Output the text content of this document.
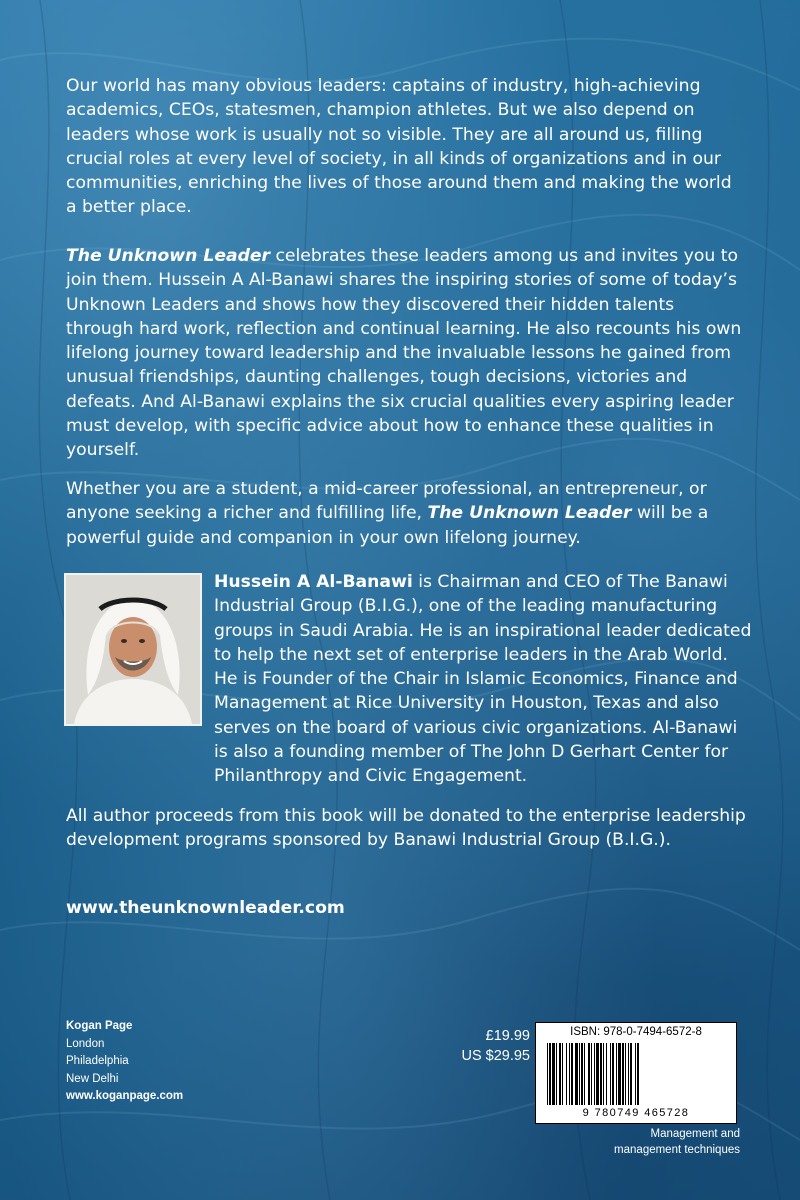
Our world has many obvious leaders: captains of industry, high-achieving academics, CEOs, statesmen, champion athletes. But we also depend on leaders whose work is usually not so visible. They are all around us, filling crucial roles at every level of society, in all kinds of organizations and in our communities, enriching the lives of those around them and making the world a better place.

The Unknown Leader celebrates these leaders among us and invites you to join them. Hussein A Al-Banawi shares the inspiring stories of some of today’s Unknown Leaders and shows how they discovered their hidden talents through hard work, reflection and continual learning. He also recounts his own lifelong journey toward leadership and the invaluable lessons he gained from unusual friendships, daunting challenges, tough decisions, victories and defeats. And Al-Banawi explains the six crucial qualities every aspiring leader must develop, with specific advice about how to enhance these qualities in yourself.

Whether you are a student, a mid-career professional, an entrepreneur, or anyone seeking a richer and fulfilling life, The Unknown Leader will be a powerful guide and companion in your own lifelong journey.

Hussein A Al-Banawi is Chairman and CEO of The Banawi Industrial Group (B.I.G.), one of the leading manufacturing groups in Saudi Arabia. He is an inspirational leader dedicated to help the next set of enterprise leaders in the Arab World. He is Founder of the Chair in Islamic Economics, Finance and Management at Rice University in Houston, Texas and also serves on the board of various civic organizations. Al-Banawi is also a founding member of The John D Gerhart Center for Philanthropy and Civic Engagement.

All author proceeds from this book will be donated to the enterprise leadership development programs sponsored by Banawi Industrial Group (B.I.G.).

www.theunknownleader.com

Kogan Page
London
Philadelphia
New Delhi
www.koganpage.com
£19.99
US $29.95
ISBN: 978-0-7494-6572-8
9 780749 465728
Management and
management techniques
